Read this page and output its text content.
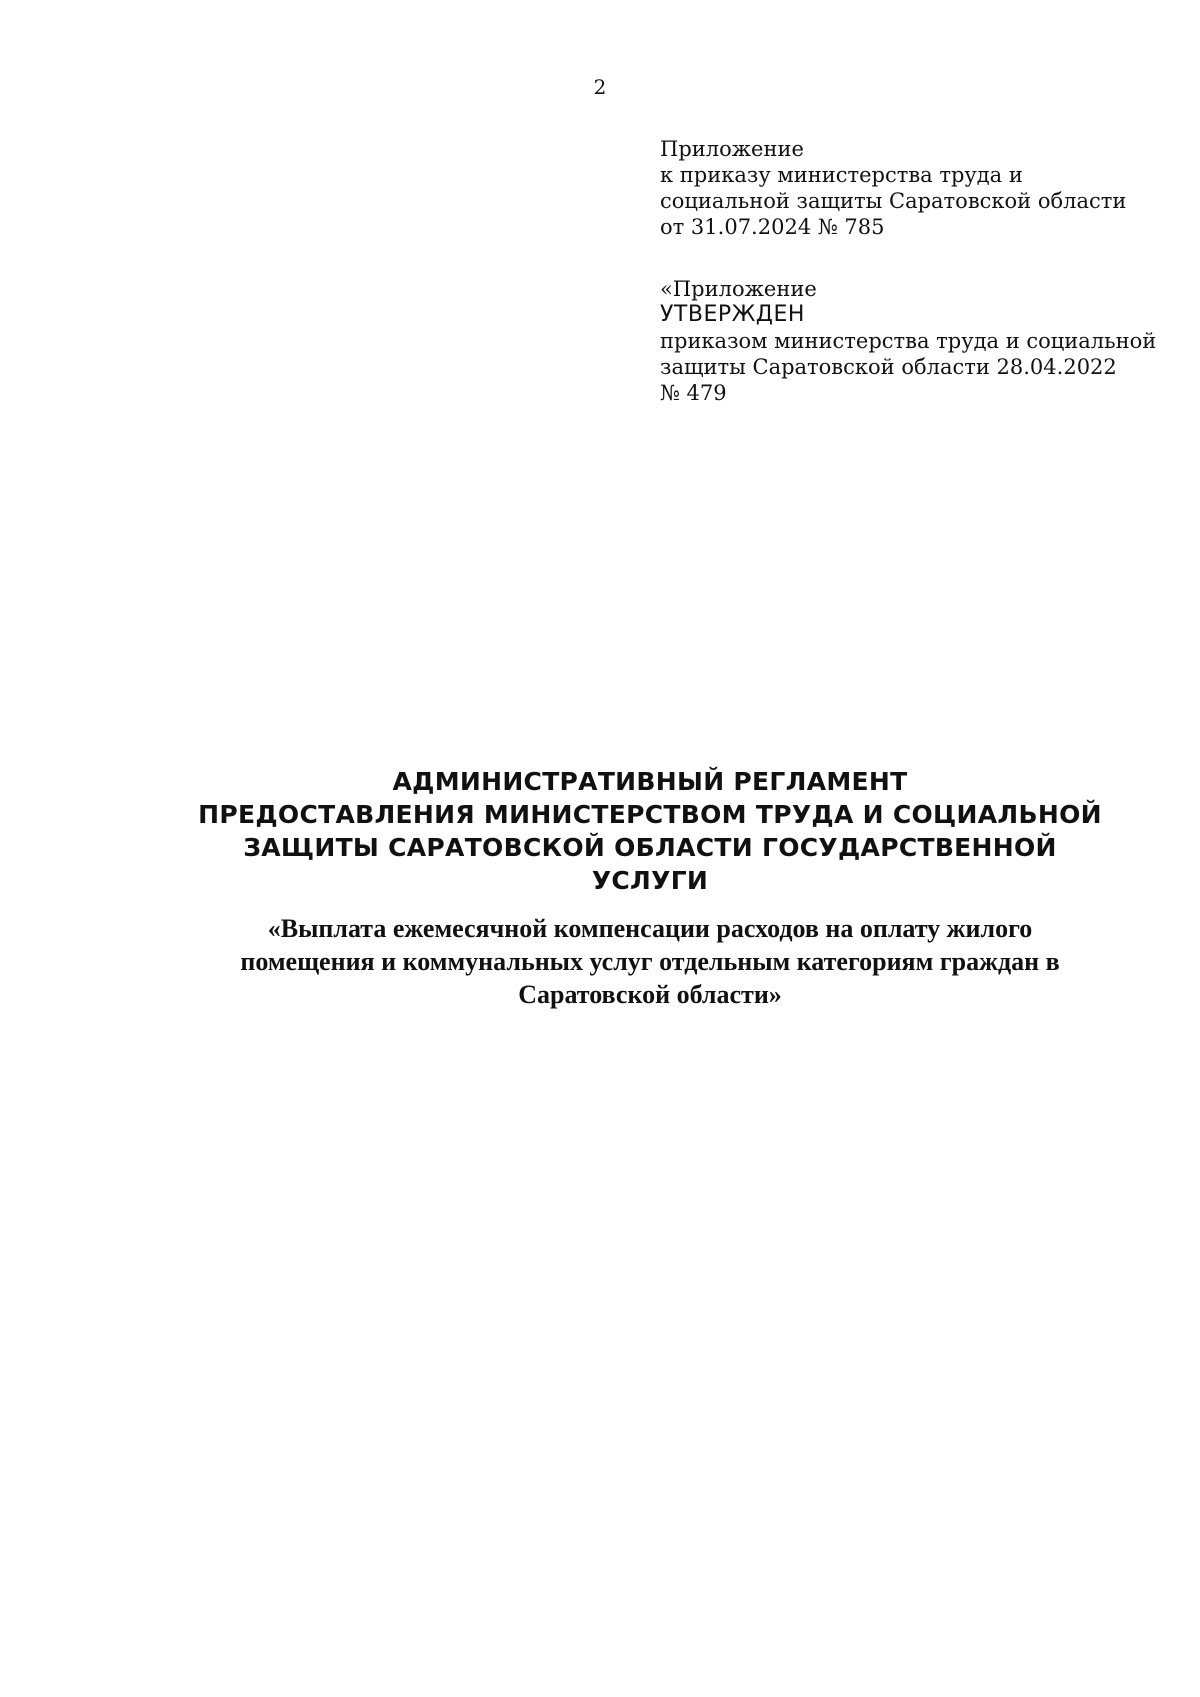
2
Приложение
к приказу министерства труда и
социальной защиты Саратовской области
от 31.07.2024 № 785
«Приложение
УТВЕРЖДЕН
приказом министерства труда и социальной
защиты Саратовской области 28.04.2022
№ 479
АДМИНИСТРАТИВНЫЙ РЕГЛАМЕНТ
ПРЕДОСТАВЛЕНИЯ МИНИСТЕРСТВОМ ТРУДА И СОЦИАЛЬНОЙ
ЗАЩИТЫ САРАТОВСКОЙ ОБЛАСТИ ГОСУДАРСТВЕННОЙ
УСЛУГИ
«Выплата ежемесячной компенсации расходов на оплату жилого
помещения и коммунальных услуг отдельным категориям граждан в
Саратовской области»
